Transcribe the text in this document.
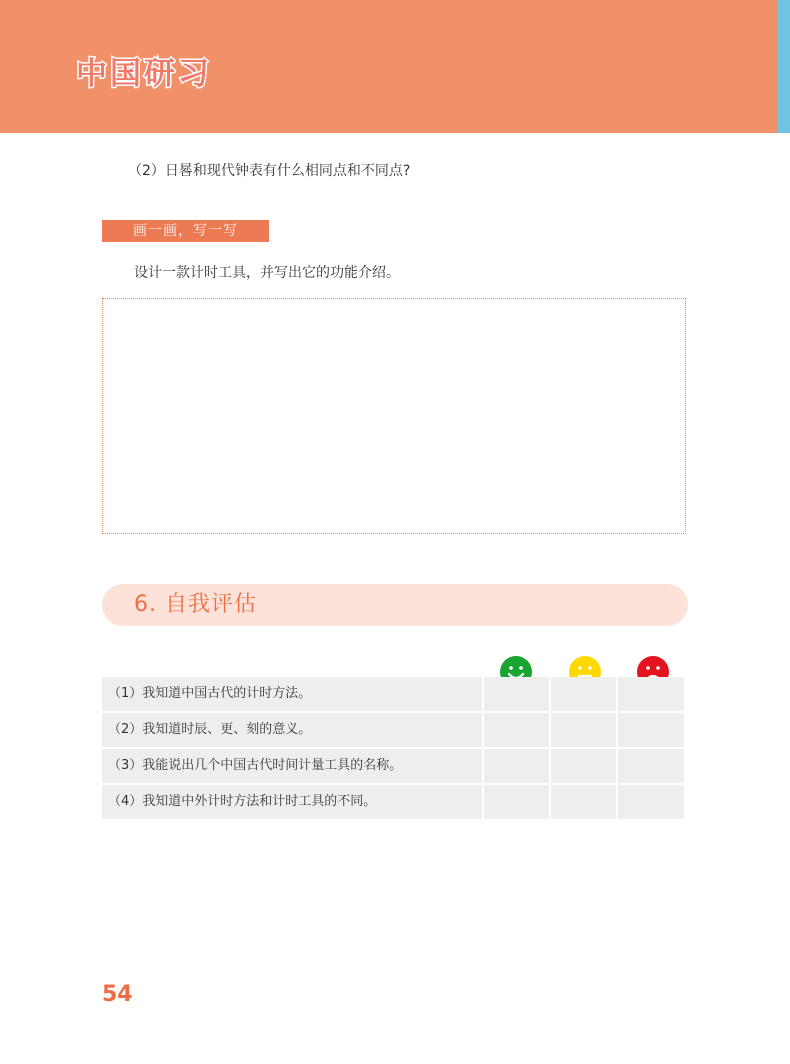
中国研习
（2）日晷和现代钟表有什么相同点和不同点?
画一画，写一写
设计一款计时工具，并写出它的功能介绍。
6. 自我评估
（1）我知道中国古代的计时方法。
（2）我知道时辰、更、刻的意义。
（3）我能说出几个中国古代时间计量工具的名称。
（4）我知道中外计时方法和计时工具的不同。
54
